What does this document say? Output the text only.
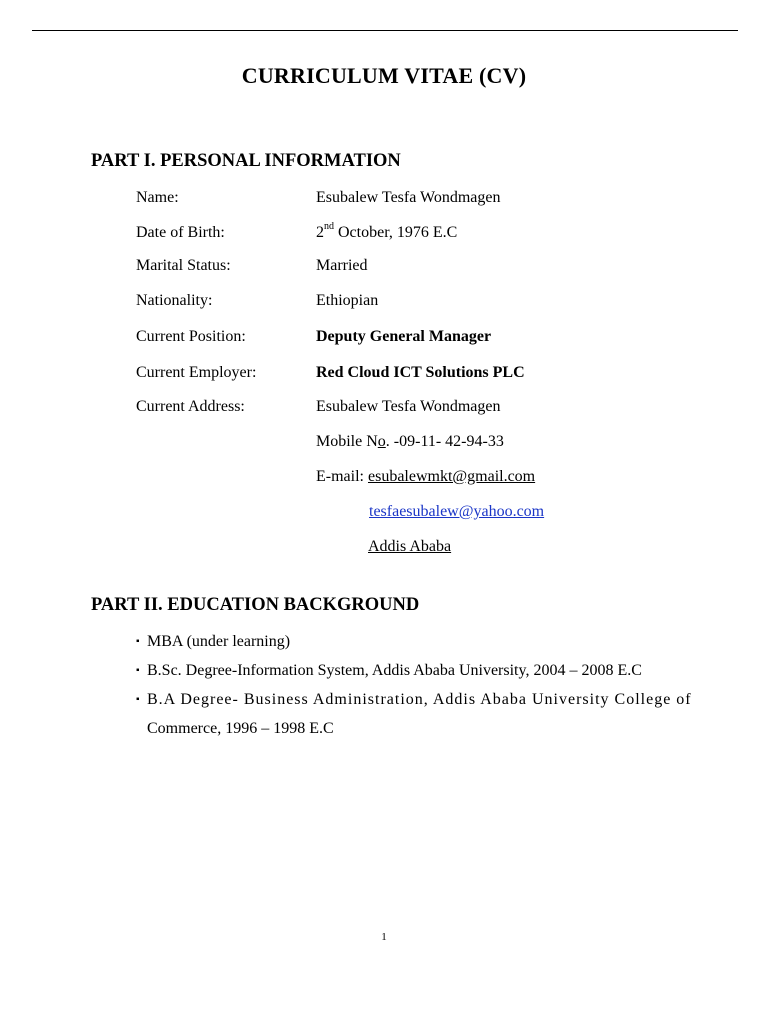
CURRICULUM VITAE (CV)
PART I. PERSONAL INFORMATION
Name:	Esubalew Tesfa Wondmagen
Date of Birth:	2nd October, 1976 E.C
Marital Status:	Married
Nationality:	Ethiopian
Current Position:	Deputy General Manager
Current Employer:	Red Cloud ICT Solutions PLC
Current Address:	Esubalew Tesfa Wondmagen
Mobile No. -09-11- 42-94-33
E-mail: esubalewmkt@gmail.com
tesfaesubalew@yahoo.com
Addis Ababa
PART II. EDUCATION BACKGROUND
▪ MBA (under learning)
▪ B.Sc. Degree-Information System, Addis Ababa University, 2004 – 2008 E.C
▪ B.A Degree- Business Administration, Addis Ababa University College of
Commerce, 1996 – 1998 E.C
1
